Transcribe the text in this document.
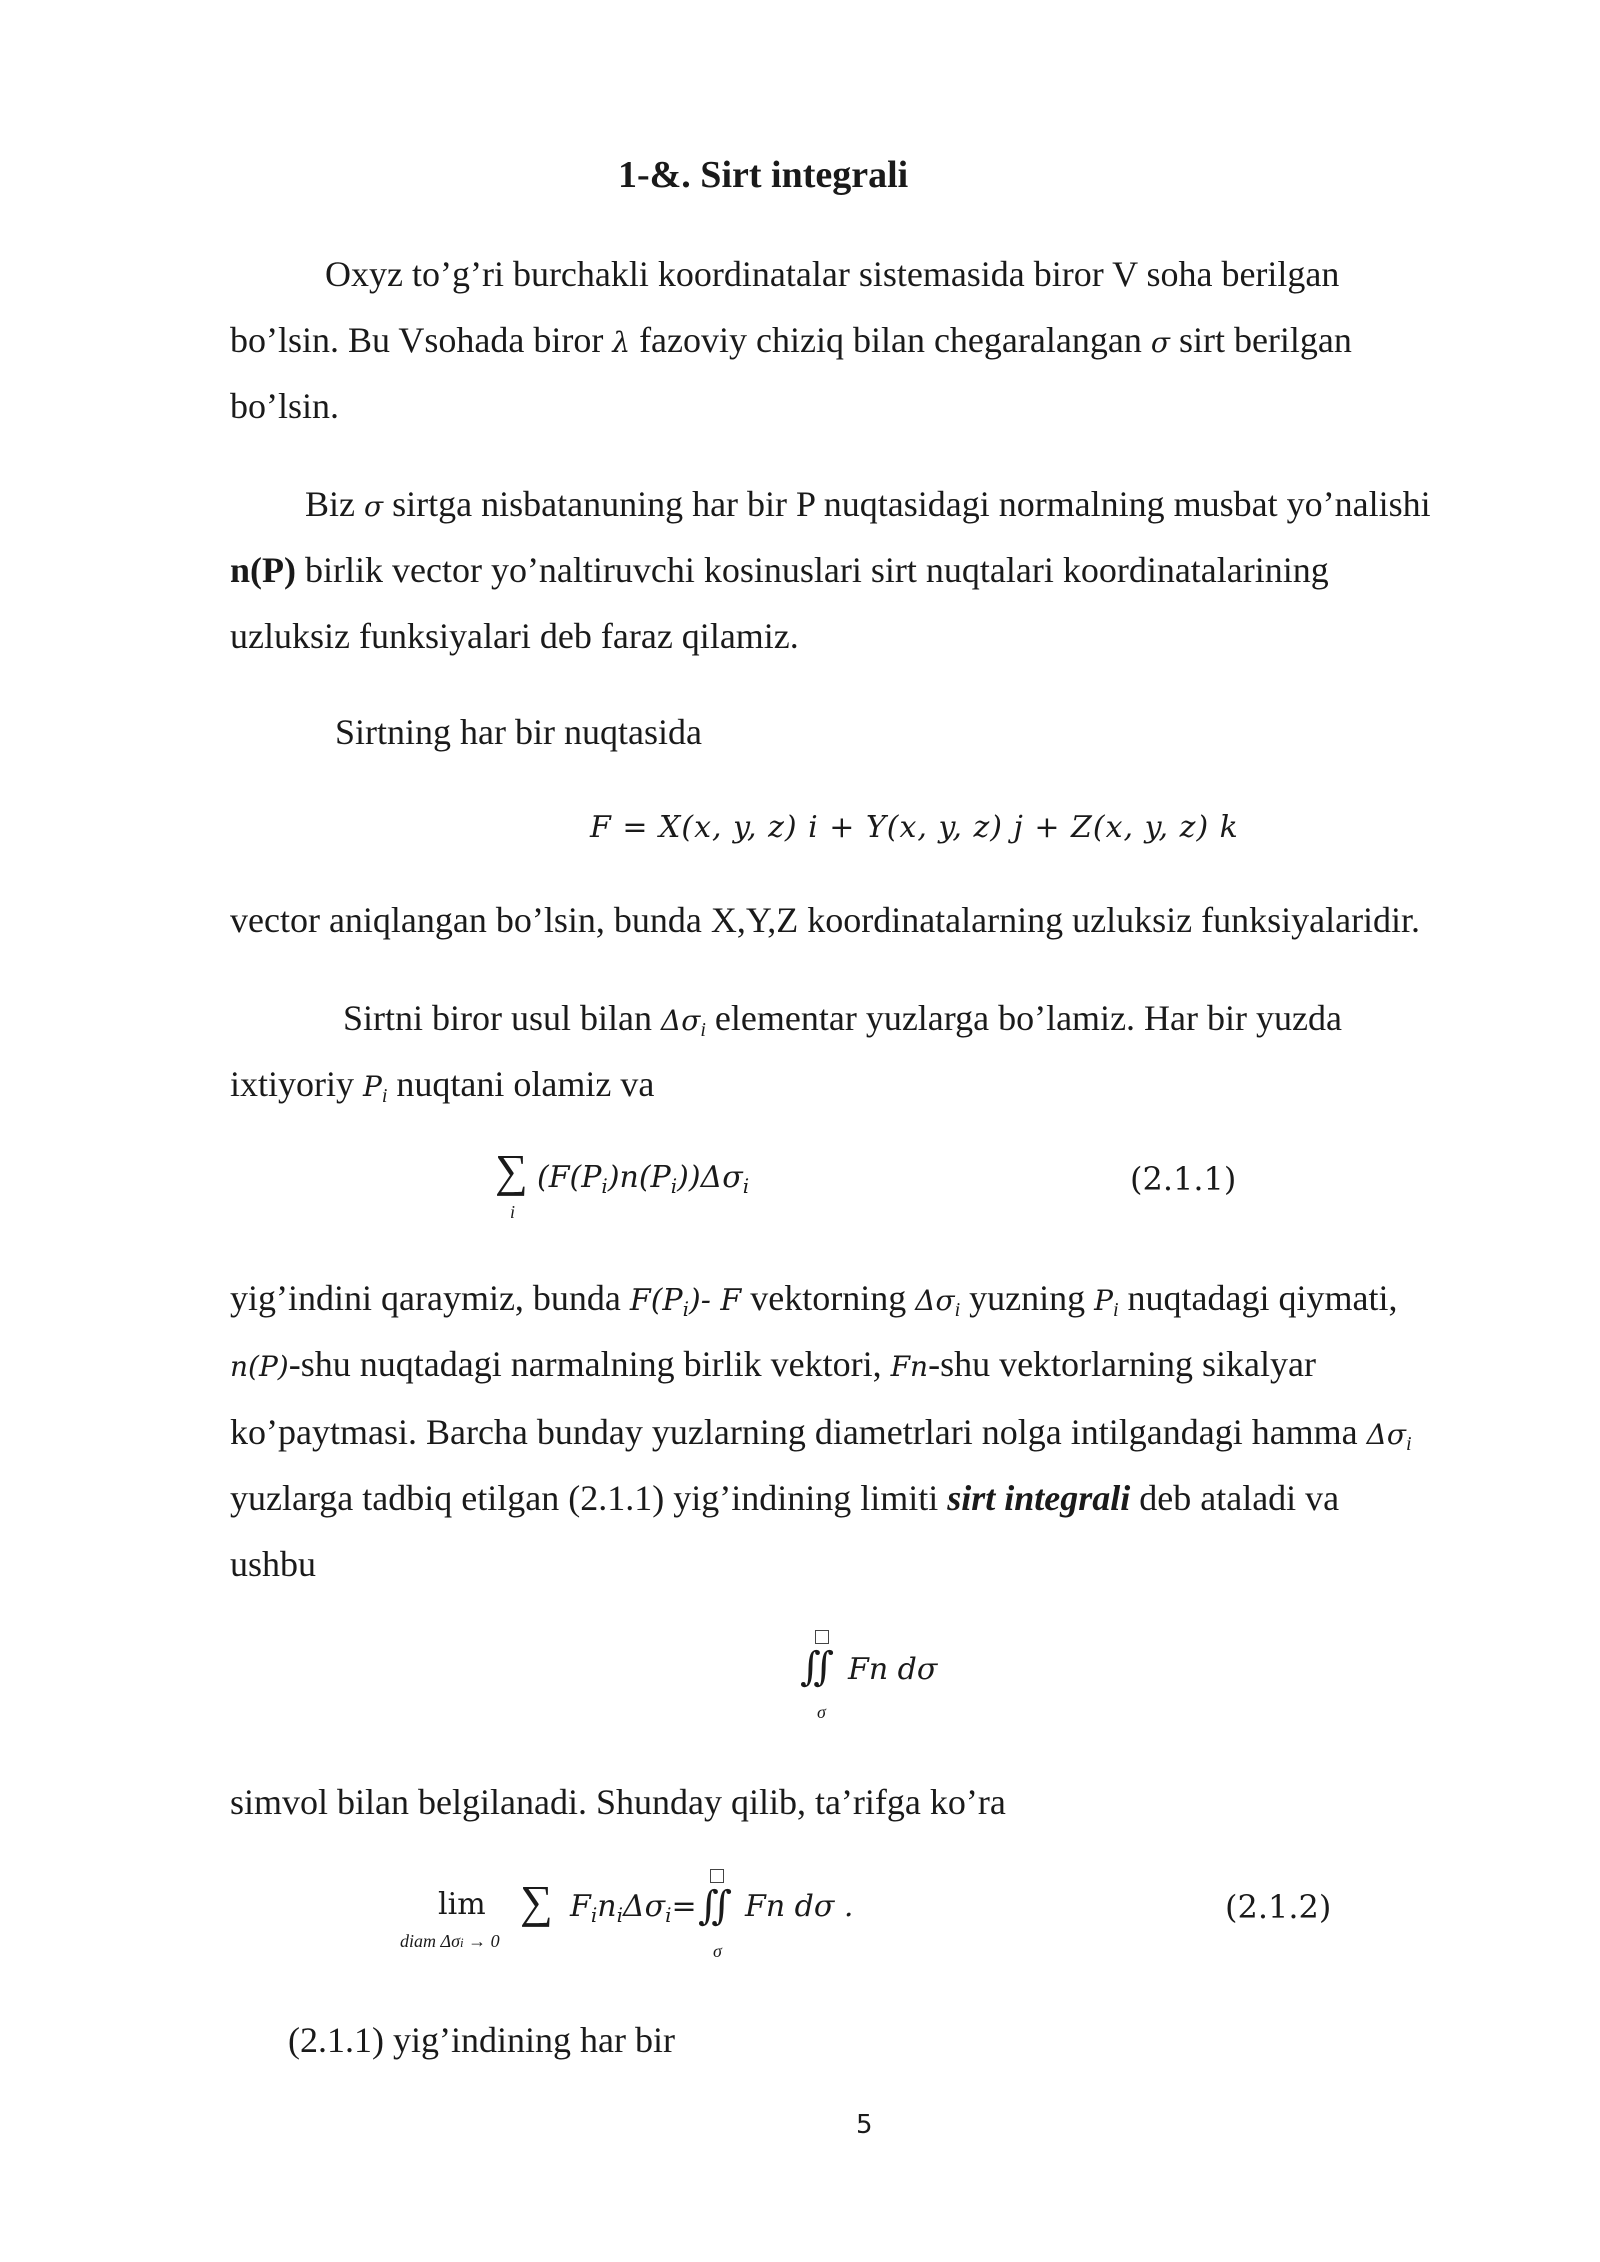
1-&. Sirt integrali
Oxyz to’g’ri burchakli koordinatalar sistemasida biror V soha berilgan
bo’lsin. Bu Vsohada biror λ fazoviy chiziq bilan chegaralangan σ sirt berilgan
bo’lsin.
Biz σ sirtga nisbatanuning har bir P nuqtasidagi normalning musbat yo’nalishi
n(P) birlik vector yo’naltiruvchi kosinuslari sirt nuqtalari koordinatalarining
uzluksiz funksiyalari deb faraz qilamiz.
Sirtning har bir nuqtasida
F = X(x, y, z) i + Y(x, y, z) j + Z(x, y, z) k
vector aniqlangan bo’lsin, bunda X,Y,Z koordinatalarning uzluksiz funksiyalaridir.
Sirtni biror usul bilan $\Delta\sigma_i$ elementar yuzlarga bo’lamiz. Har bir yuzda
ixtiyoriy $P_i$ nuqtani olamiz va
∑
i
$(F(P_i)n(P_i))\Delta\sigma_i$	(2.1.1)
yig’indini qaraymiz, bunda $F(P_i)-$ F vektorning $\Delta\sigma_i$ yuzning $P_i$ nuqtadagi qiymati,
n(P)-shu nuqtadagi narmalning birlik vektori, Fn-shu vektorlarning sikalyar
ko’paytmasi. Barcha bunday yuzlarning diametrlari nolga intilgandagi hamma $\Delta\sigma_i$
yuzlarga tadbiq etilgan (2.1.1) yig’indining limiti sirt integrali deb ataladi va
ushbu
∬ Fn dσ
σ
simvol bilan belgilanadi. Shunday qilib, ta’rifga ko’ra
lim
diam Δσi → 0
∑ $F_in_i\Delta\sigma_i=$ ∬ Fn dσ .
σ
(2.1.2)
(2.1.1) yig’indining har bir
5
